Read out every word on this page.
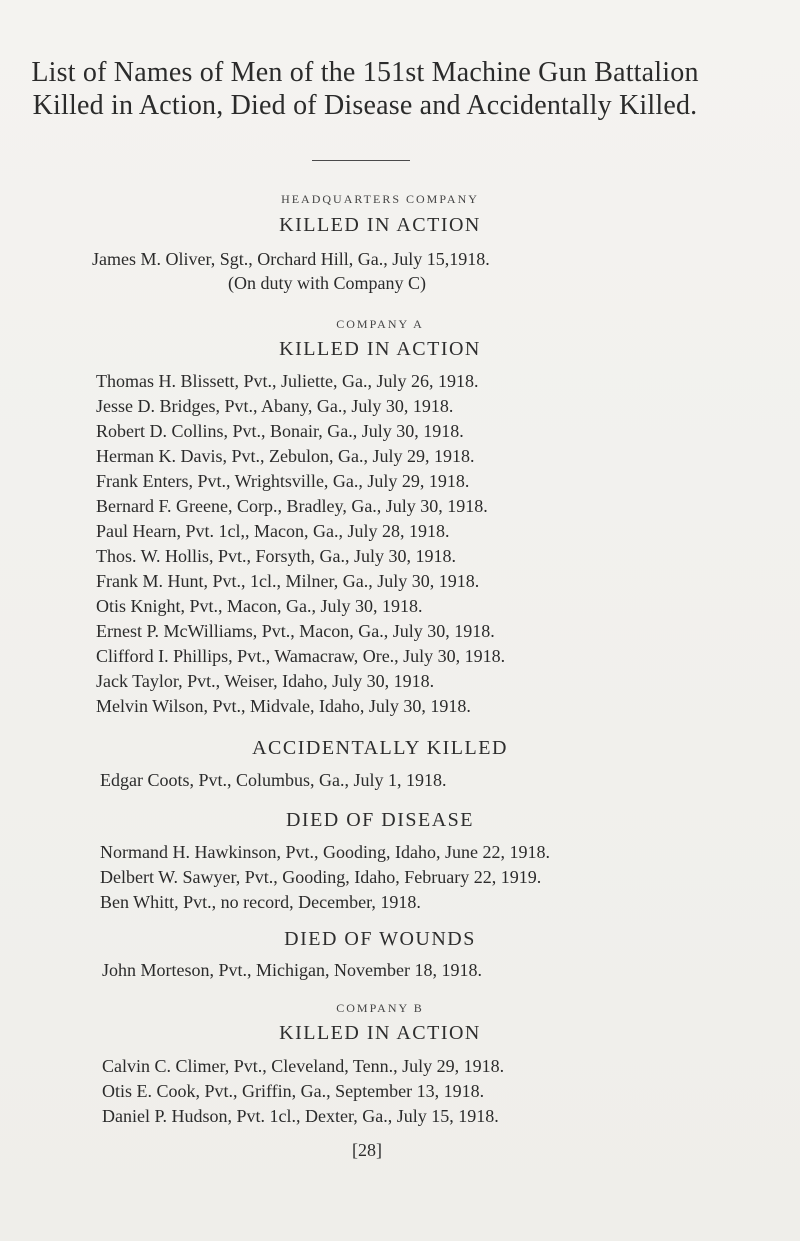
List of Names of Men of the 151st Machine Gun Battalion Killed in Action, Died of Disease and Accidentally Killed.
HEADQUARTERS COMPANY
KILLED IN ACTION
James M. Oliver, Sgt., Orchard Hill, Ga., July 15,1918.
(On duty with Company C)
COMPANY A
KILLED IN ACTION
Thomas H. Blissett, Pvt., Juliette, Ga., July 26, 1918.
Jesse D. Bridges, Pvt., Abany, Ga., July 30, 1918.
Robert D. Collins, Pvt., Bonair, Ga., July 30, 1918.
Herman K. Davis, Pvt., Zebulon, Ga., July 29, 1918.
Frank Enters, Pvt., Wrightsville, Ga., July 29, 1918.
Bernard F. Greene, Corp., Bradley, Ga., July 30, 1918.
Paul Hearn, Pvt. 1cl,, Macon, Ga., July 28, 1918.
Thos. W. Hollis, Pvt., Forsyth, Ga., July 30, 1918.
Frank M. Hunt, Pvt., 1cl., Milner, Ga., July 30, 1918.
Otis Knight, Pvt., Macon, Ga., July 30, 1918.
Ernest P. McWilliams, Pvt., Macon, Ga., July 30, 1918.
Clifford I. Phillips, Pvt., Wamacraw, Ore., July 30, 1918.
Jack Taylor, Pvt., Weiser, Idaho, July 30, 1918.
Melvin Wilson, Pvt., Midvale, Idaho, July 30, 1918.
ACCIDENTALLY KILLED
Edgar Coots, Pvt., Columbus, Ga., July 1, 1918.
DIED OF DISEASE
Normand H. Hawkinson, Pvt., Gooding, Idaho, June 22, 1918.
Delbert W. Sawyer, Pvt., Gooding, Idaho, February 22, 1919.
Ben Whitt, Pvt., no record, December, 1918.
DIED OF WOUNDS
John Morteson, Pvt., Michigan, November 18, 1918.
COMPANY B
KILLED IN ACTION
Calvin C. Climer, Pvt., Cleveland, Tenn., July 29, 1918.
Otis E. Cook, Pvt., Griffin, Ga., September 13, 1918.
Daniel P. Hudson, Pvt. 1cl., Dexter, Ga., July 15, 1918.
[28]
